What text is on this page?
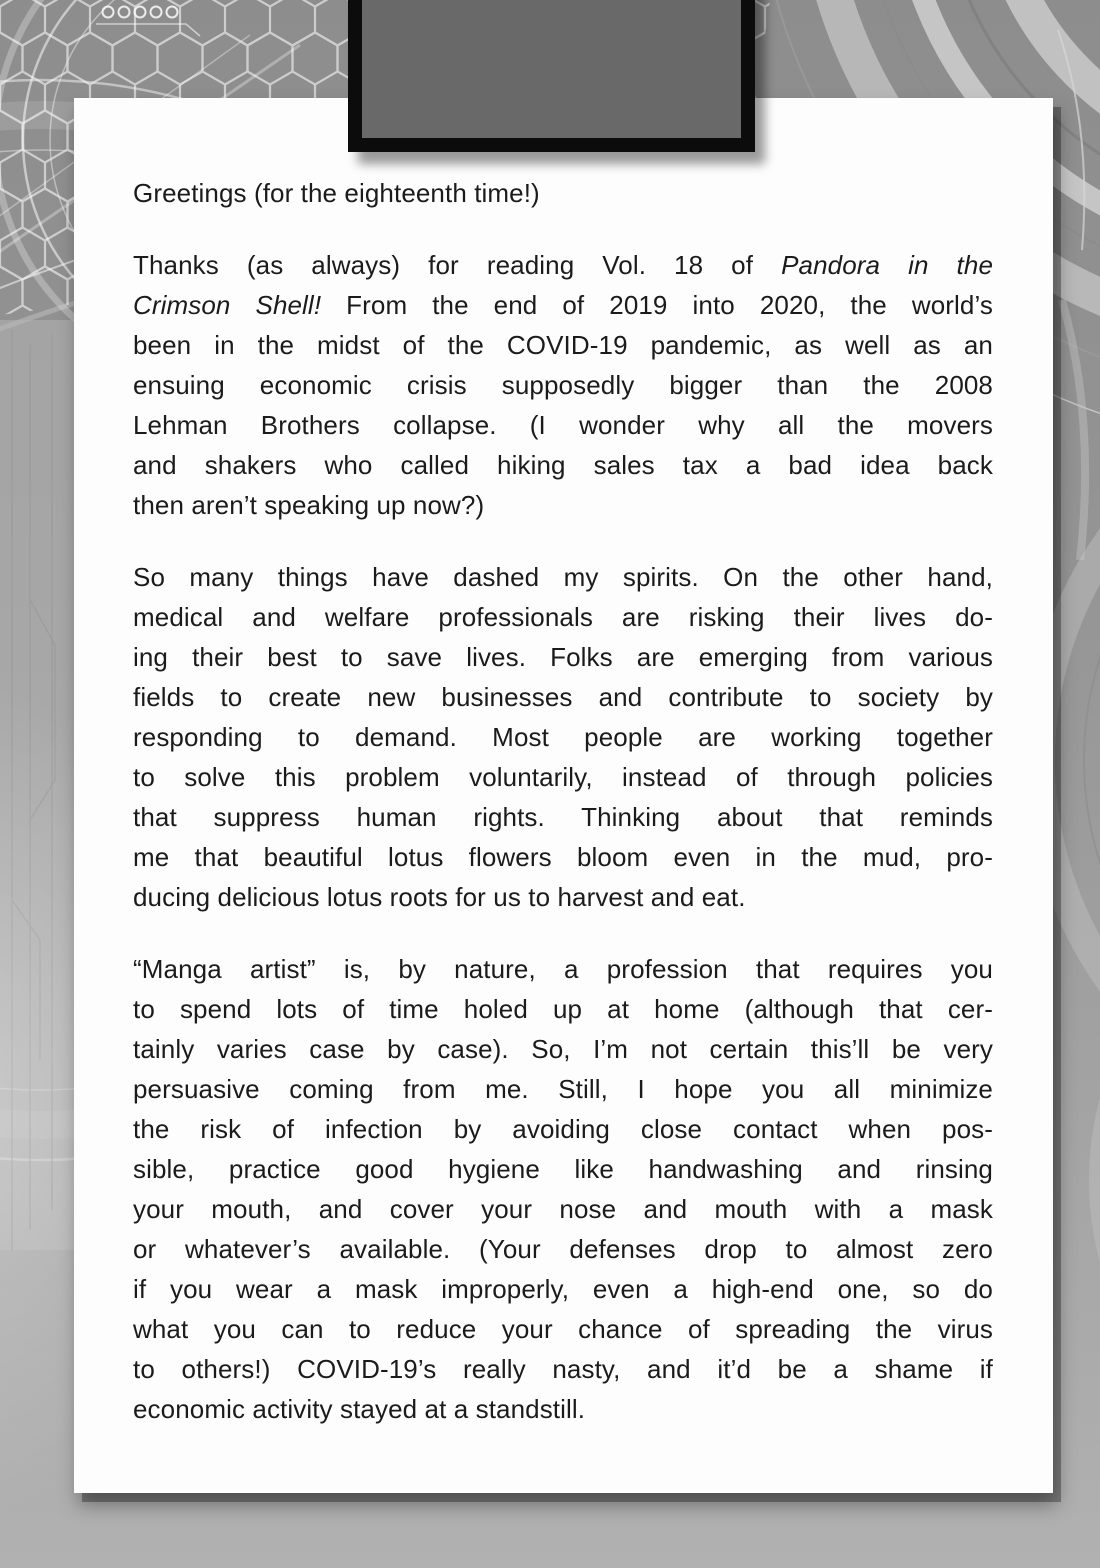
Greetings (for the eighteenth time!)
Thanks (as always) for reading Vol. 18 of Pandora in the
Crimson Shell! From the end of 2019 into 2020, the world’s
been in the midst of the COVID-19 pandemic, as well as an
ensuing economic crisis supposedly bigger than the 2008
Lehman Brothers collapse. (I wonder why all the movers
and shakers who called hiking sales tax a bad idea back
then aren’t speaking up now?)
So many things have dashed my spirits. On the other hand,
medical and welfare professionals are risking their lives do-
ing their best to save lives. Folks are emerging from various
fields to create new businesses and contribute to society by
responding to demand. Most people are working together
to solve this problem voluntarily, instead of through policies
that suppress human rights. Thinking about that reminds
me that beautiful lotus flowers bloom even in the mud, pro-
ducing delicious lotus roots for us to harvest and eat.
“Manga artist” is, by nature, a profession that requires you
to spend lots of time holed up at home (although that cer-
tainly varies case by case). So, I’m not certain this’ll be very
persuasive coming from me. Still, I hope you all minimize
the risk of infection by avoiding close contact when pos-
sible, practice good hygiene like handwashing and rinsing
your mouth, and cover your nose and mouth with a mask
or whatever’s available. (Your defenses drop to almost zero
if you wear a mask improperly, even a high-end one, so do
what you can to reduce your chance of spreading the virus
to others!) COVID-19’s really nasty, and it’d be a shame if
economic activity stayed at a standstill.
